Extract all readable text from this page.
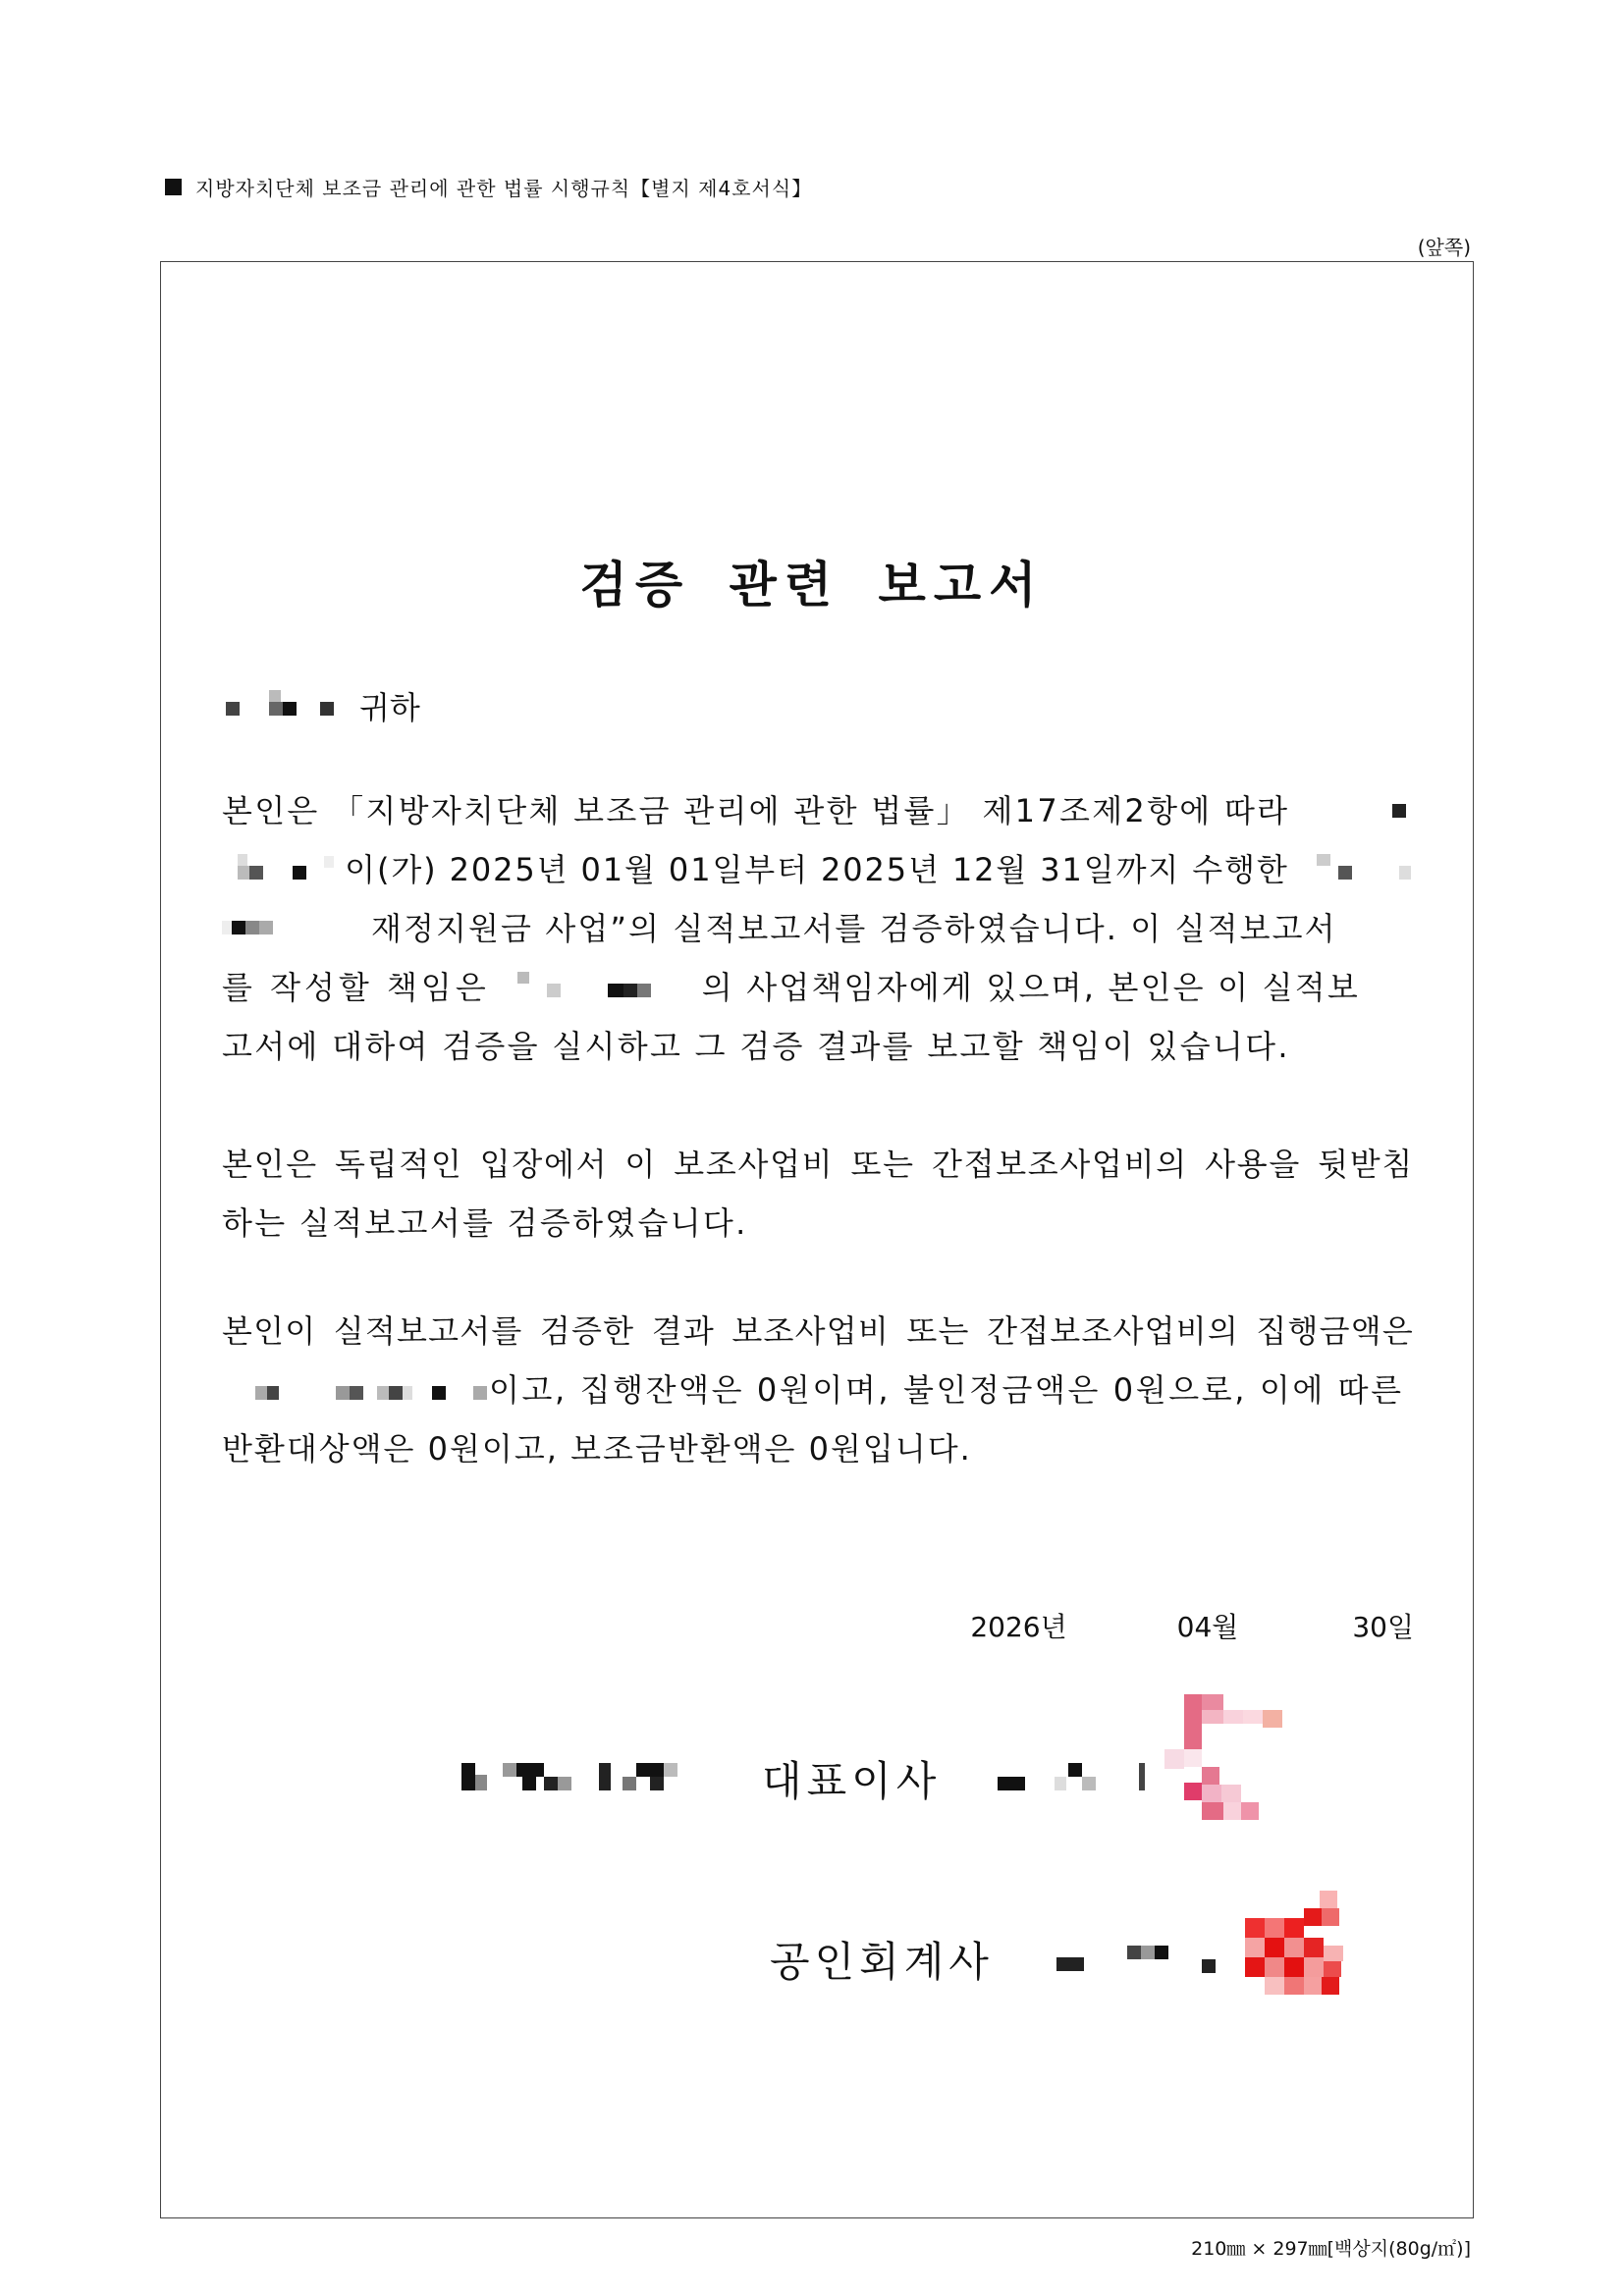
지방자치단체 보조금 관리에 관한 법률 시행규칙【별지 제4호서식】
(앞쪽)
검증 관련 보고서
귀하
본인은 「지방자치단체 보조금 관리에 관한 법률」 제17조제2항에 따라
이(가) 2025년 01월 01일부터 2025년 12월 31일까지 수행한
재정지원금 사업”의 실적보고서를 검증하였습니다. 이 실적보고서
를 작성할 책임은	의 사업책임자에게 있으며, 본인은 이 실적보
고서에 대하여 검증을 실시하고 그 검증 결과를 보고할 책임이 있습니다.
본인은 독립적인 입장에서 이 보조사업비 또는 간접보조사업비의 사용을 뒷받침
하는 실적보고서를 검증하였습니다.
본인이 실적보고서를 검증한 결과 보조사업비 또는 간접보조사업비의 집행금액은
이고, 집행잔액은 0원이며, 불인정금액은 0원으로, 이에 따른
반환대상액은 0원이고, 보조금반환액은 0원입니다.
2026년	04월	30일
대표이사
공인회계사
210㎜ × 297㎜[백상지(80g/㎡)]
